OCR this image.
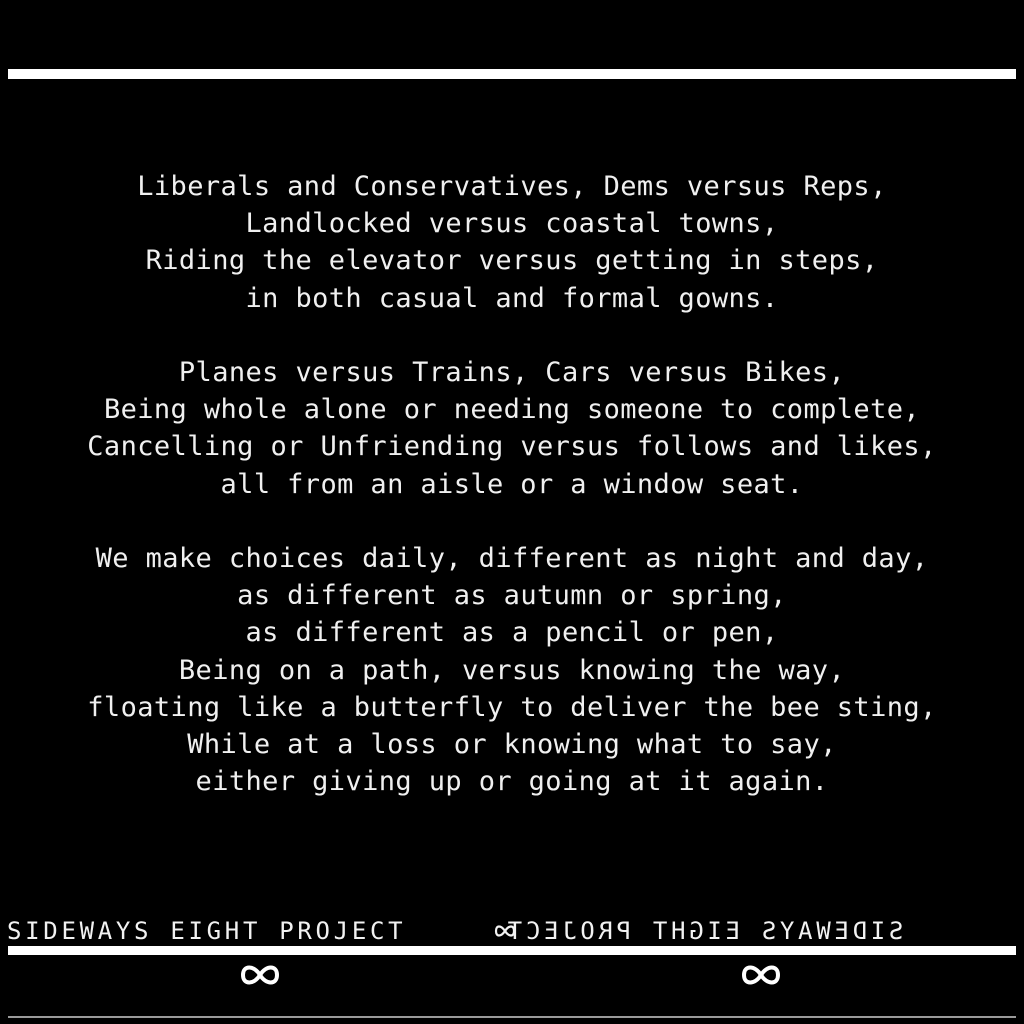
Liberals and Conservatives, Dems versus Reps,
Landlocked versus coastal towns,
Riding the elevator versus getting in steps,
in both casual and formal gowns.
Planes versus Trains, Cars versus Bikes,
Being whole alone or needing someone to complete,
Cancelling or Unfriending versus follows and likes,
all from an aisle or a window seat.
We make choices daily, different as night and day,
as different as autumn or spring,
as different as a pencil or pen,
Being on a path, versus knowing the way,
floating like a butterfly to deliver the bee sting,
While at a loss or knowing what to say,
either giving up or going at it again.
SIDEWAYS EIGHT PROJECT	SIDEWAYS EIGHT PROJECT
